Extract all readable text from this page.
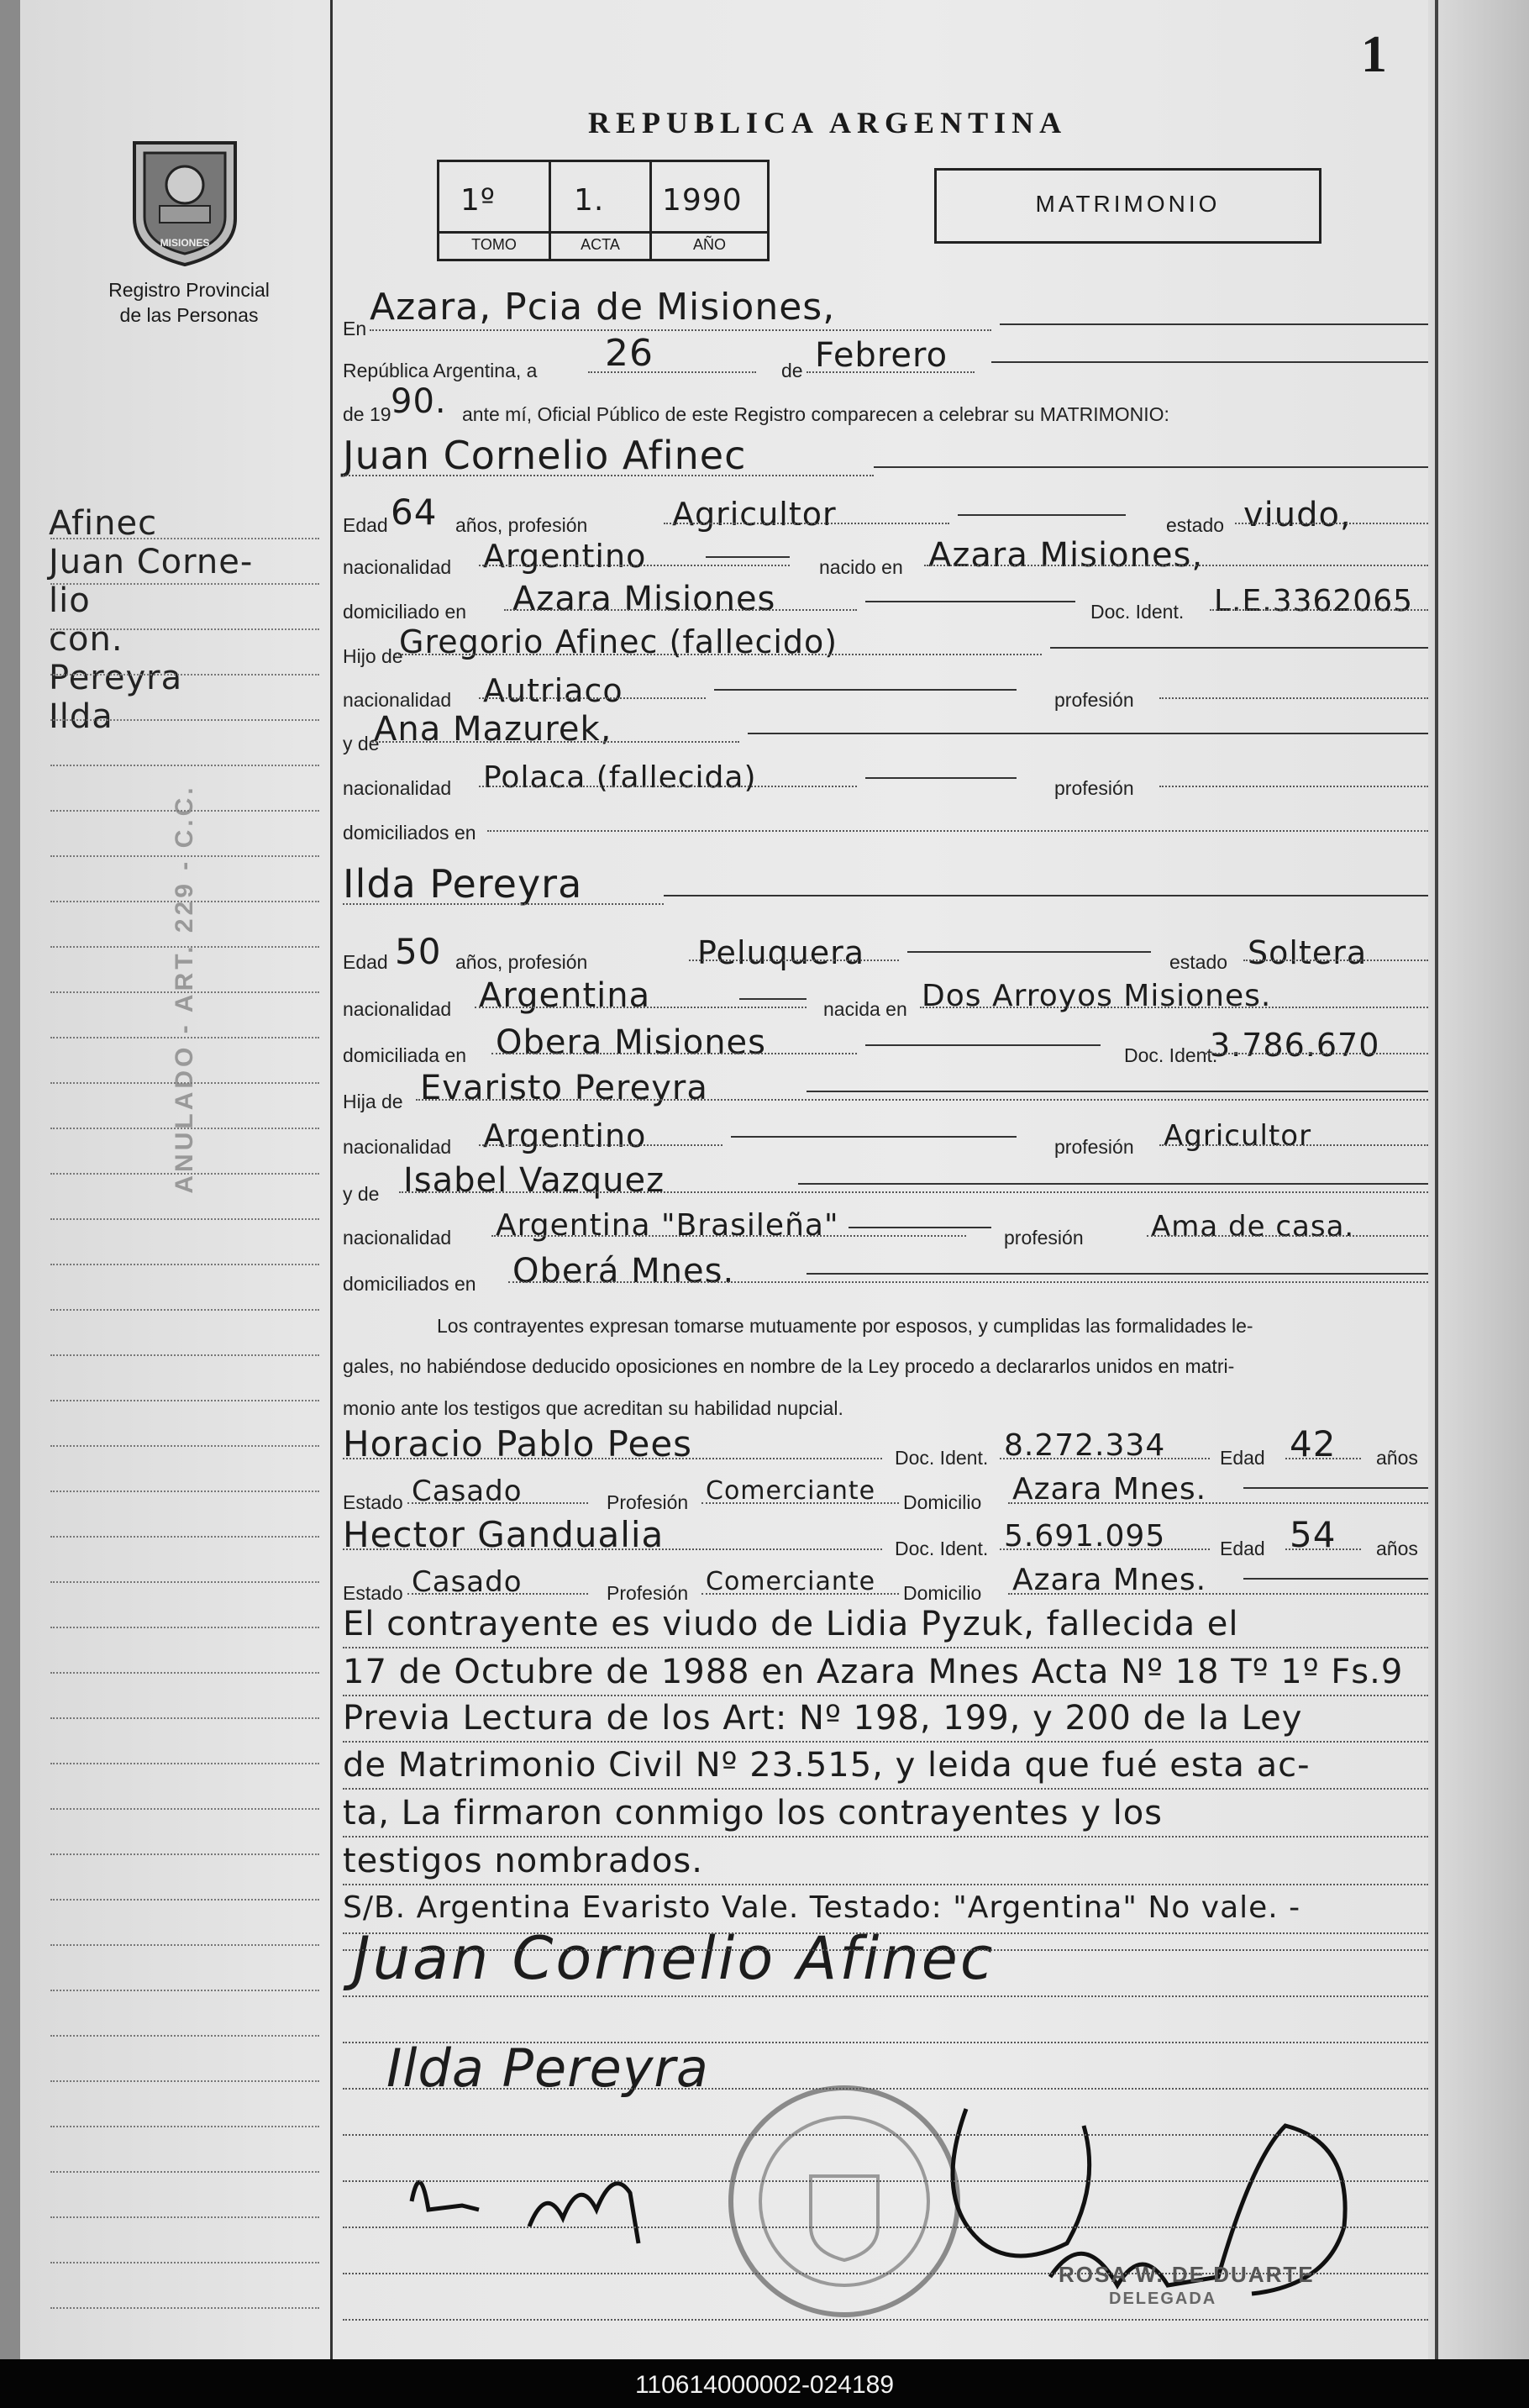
1
MISIONES
Registro Provincial
de las Personas
Afinec
Juan Corne-
lio
con.
Pereyra
Ilda
ANULADO - ART. 229 - C.C.
REPUBLICA ARGENTINA
1º	1. 1990
TOMO	ACTA	AÑO
MATRIMONIO
Juan Cornelio Afinec
Ilda Pereyra
ROSA W. DE DUARTE
DELEGADA
En Azara, Pcia de Misiones,
República Argentina, a 26	de Febrero
de 19 90. ante mí, Oficial Público de este Registro comparecen a celebrar su MATRIMONIO:
Juan Cornelio Afinec
Edad 64 años, profesión	Agricultor	estado viudo,
nacionalidad Argentino	nacido en Azara Misiones,
domiciliado en Azara Misiones	Doc. Ident. L.E.3362065
Hijo de
Gregorio Afinec (fallecido)
nacionalidad Autriaco	profesión
y de
Ana Mazurek,
nacionalidad Polaca (fallecida)	profesión
domiciliados en
Ilda Pereyra
Edad 50 años, profesión	Peluquera	estado Soltera
nacionalidad Argentina	nacida en Dos Arroyos Misiones.
domiciliada en Obera Misiones	Doc. Ident.
3.786.670
Hija de Evaristo Pereyra
nacionalidad Argentino	profesión Agricultor
y de Isabel Vazquez
nacionalidad Argentina "Brasileña"	profesión Ama de casa.
domiciliados en Oberá Mnes.
Los contrayentes expresan tomarse mutuamente por esposos, y cumplidas las formalidades le-
gales, no habiéndose deducido oposiciones en nombre de la Ley procedo a declararlos unidos en matri-
monio ante los testigos que acreditan su habilidad nupcial.
Horacio Pablo Pees	Doc. Ident. 8.272.334	Edad 42 años
Estado Casado	Profesión Comerciante Domicilio Azara Mnes.
Hector Gandualia	Doc. Ident. 5.691.095	Edad 54 años
Estado Casado	Profesión Comerciante Domicilio Azara Mnes.
El contrayente es viudo de Lidia Pyzuk, fallecida el
17 de Octubre de 1988 en Azara Mnes Acta Nº 18 Tº 1º Fs.9
Previa Lectura de los Art: Nº 198, 199, y 200 de la Ley
de Matrimonio Civil Nº 23.515, y leida que fué esta ac-
ta, La firmaron conmigo los contrayentes y los
testigos nombrados.
S/B. Argentina Evaristo Vale. Testado: "Argentina" No vale. -
110614000002-024189
